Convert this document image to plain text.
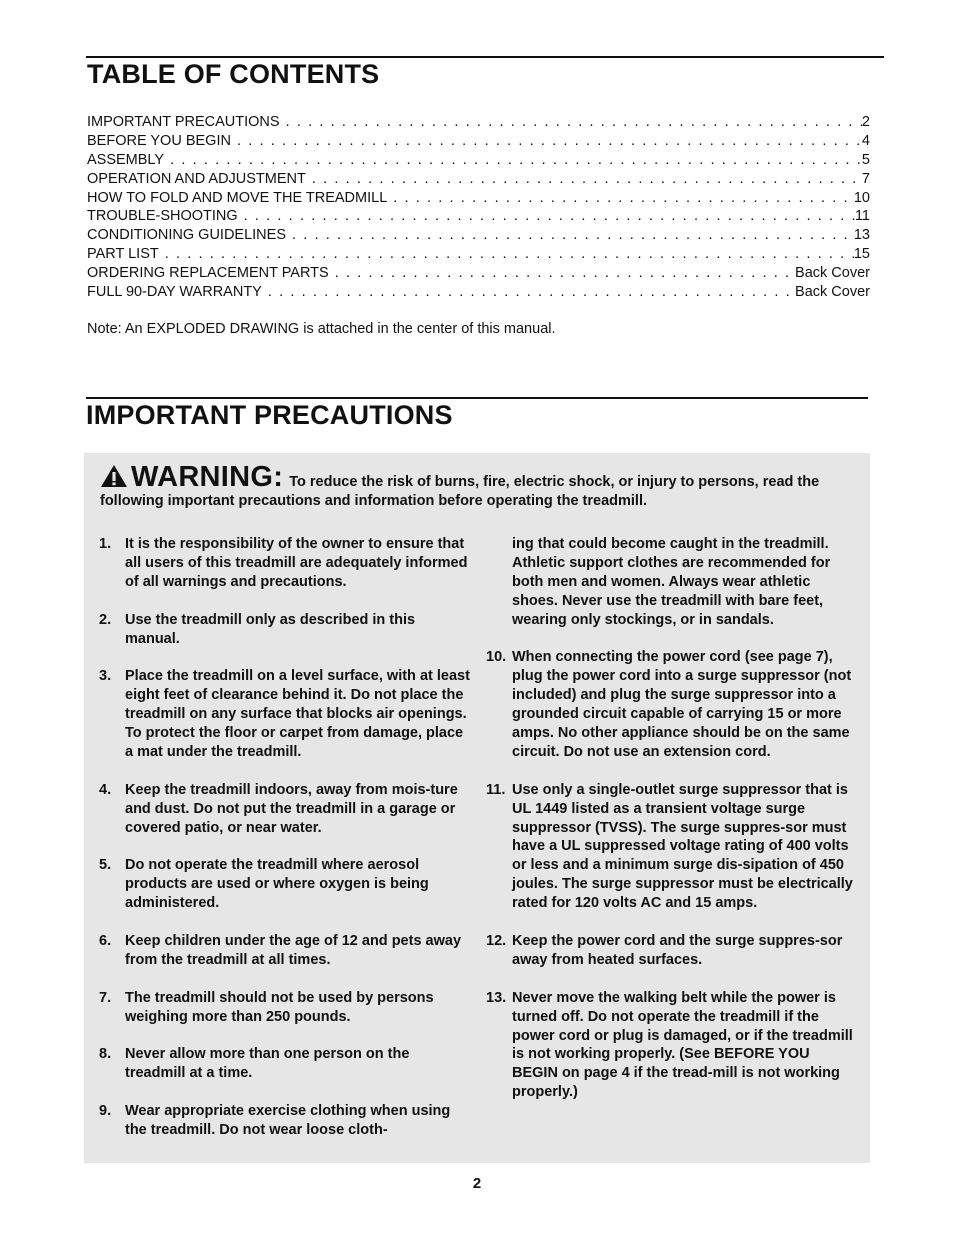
TABLE OF CONTENTS
IMPORTANT PRECAUTIONS . . .	2
BEFORE YOU BEGIN . . .	4
ASSEMBLY . . .	5
OPERATION AND ADJUSTMENT . . .	7
HOW TO FOLD AND MOVE THE TREADMILL . . .	10
TROUBLE-SHOOTING . . .	11
CONDITIONING GUIDELINES . . .	13
PART LIST . . .	15
ORDERING REPLACEMENT PARTS . . .	Back Cover
FULL 90-DAY WARRANTY . . .	Back Cover
Note: An EXPLODED DRAWING is attached in the center of this manual.
IMPORTANT PRECAUTIONS
WARNING: To reduce the risk of burns, fire, electric shock, or injury to persons, read the following important precautions and information before operating the treadmill.
1. It is the responsibility of the owner to ensure that all users of this treadmill are adequately informed of all warnings and precautions.
2. Use the treadmill only as described in this manual.
3. Place the treadmill on a level surface, with at least eight feet of clearance behind it. Do not place the treadmill on any surface that blocks air openings. To protect the floor or carpet from damage, place a mat under the treadmill.
4. Keep the treadmill indoors, away from mois-ture and dust. Do not put the treadmill in a garage or covered patio, or near water.
5. Do not operate the treadmill where aerosol products are used or where oxygen is being administered.
6. Keep children under the age of 12 and pets away from the treadmill at all times.
7. The treadmill should not be used by persons weighing more than 250 pounds.
8. Never allow more than one person on the treadmill at a time.
9. Wear appropriate exercise clothing when using the treadmill. Do not wear loose cloth-
ing that could become caught in the treadmill. Athletic support clothes are recommended for both men and women. Always wear athletic shoes. Never use the treadmill with bare feet, wearing only stockings, or in sandals.
10. When connecting the power cord (see page 7), plug the power cord into a surge suppressor (not included) and plug the surge suppressor into a grounded circuit capable of carrying 15 or more amps. No other appliance should be on the same circuit. Do not use an extension cord.
11. Use only a single-outlet surge suppressor that is UL 1449 listed as a transient voltage surge suppressor (TVSS). The surge suppres-sor must have a UL suppressed voltage rating of 400 volts or less and a minimum surge dis-sipation of 450 joules. The surge suppressor must be electrically rated for 120 volts AC and 15 amps.
12. Keep the power cord and the surge suppres-sor away from heated surfaces.
13. Never move the walking belt while the power is turned off. Do not operate the treadmill if the power cord or plug is damaged, or if the treadmill is not working properly. (See BEFORE YOU BEGIN on page 4 if the tread-mill is not working properly.)
2
